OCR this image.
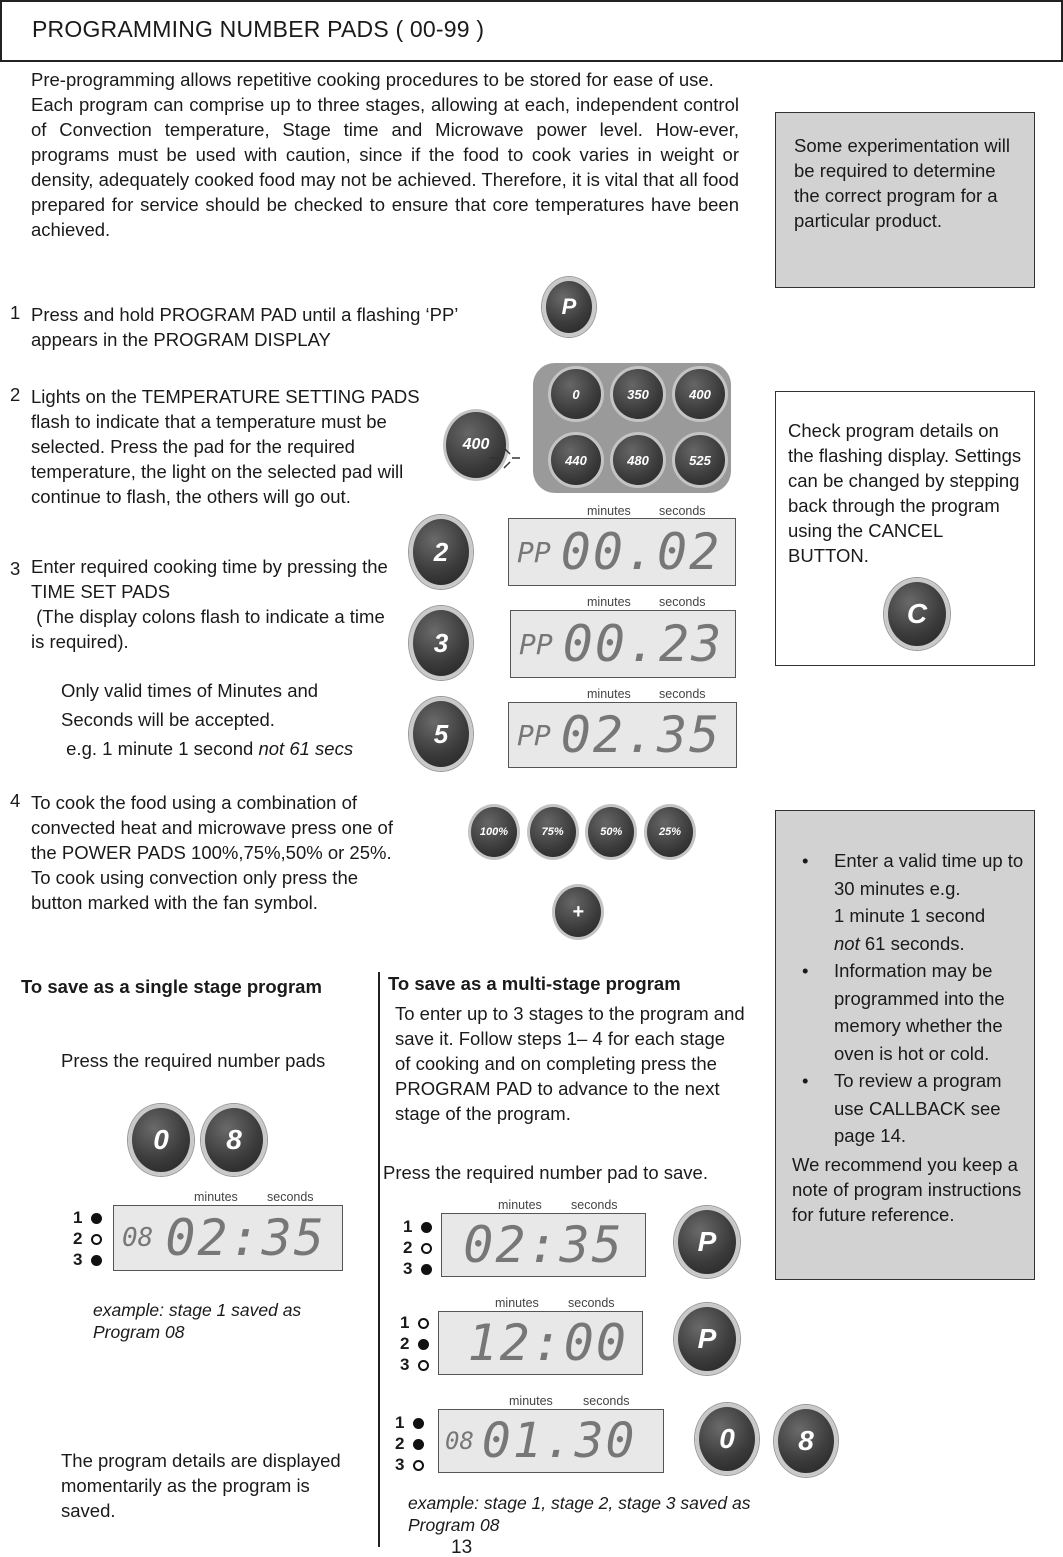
PROGRAMMING NUMBER PADS ( 00-99 )
Pre-programming allows repetitive cooking procedures to be stored for ease of use.
Each program can comprise up to three stages, allowing at each, independent control of Convection temperature, Stage time and Microwave power level. How-ever, programs must be used with caution, since if the food to cook varies in weight or density, adequately cooked food may not be achieved. Therefore, it is vital that all food prepared for service should be checked to ensure that core temperatures have been achieved.
Some experimentation will be required to determine the correct program for a particular product.
1 Press and hold PROGRAM PAD until a flashing ‘PP’ appears in the PROGRAM DISPLAY
P
2 Lights on the TEMPERATURE SETTING PADS flash to indicate that a temperature must be selected. Press the pad for the required temperature, the light on the selected pad will continue to flash, the others will go out.
400
0	350	400
440	480	525
Check program details on the flashing display. Settings can be changed by stepping back through the program using the CANCEL BUTTON.
C
3 Enter required cooking time by pressing the TIME SET PADS
(The display colons flash to indicate a time is required).
2
3
5
minutes seconds
PP 00.02
minutes seconds
PP 00.23
minutes seconds
PP 02.35
Only valid times of Minutes and
Seconds will be accepted.
e.g. 1 minute 1 second not 61 secs
4 To cook the food using a combination of convected heat and microwave press one of the POWER PADS 100%,75%,50% or 25%. To cook using convection only press the button marked with the fan symbol.
100%	75%	50%	25%
+
• Enter a valid time up to 30 minutes e.g.
1 minute 1 second
not 61 seconds.
• Information may be programmed into the memory whether the oven is hot or cold.
• To review a program use CALLBACK see page 14.
We recommend you keep a note of program instructions for future reference.
To save as a single stage program
Press the required number pads
0 8
1
2
3
minutes seconds
08 02:35
example: stage 1 saved as Program 08
The program details are displayed momentarily as the program is saved.
To save as a multi-stage program
To enter up to 3 stages to the program and save it. Follow steps 1– 4 for each stage of cooking and on completing press the PROGRAM PAD to advance to the next stage of the program.
Press the required number pad to save.
1
2
3
minutes seconds
02:35	P
1
2
3
minutes seconds
12:00 P
1
2
3
minutes seconds
08 01.30	0 8
example: stage 1, stage 2, stage 3 saved as Program 08
13
